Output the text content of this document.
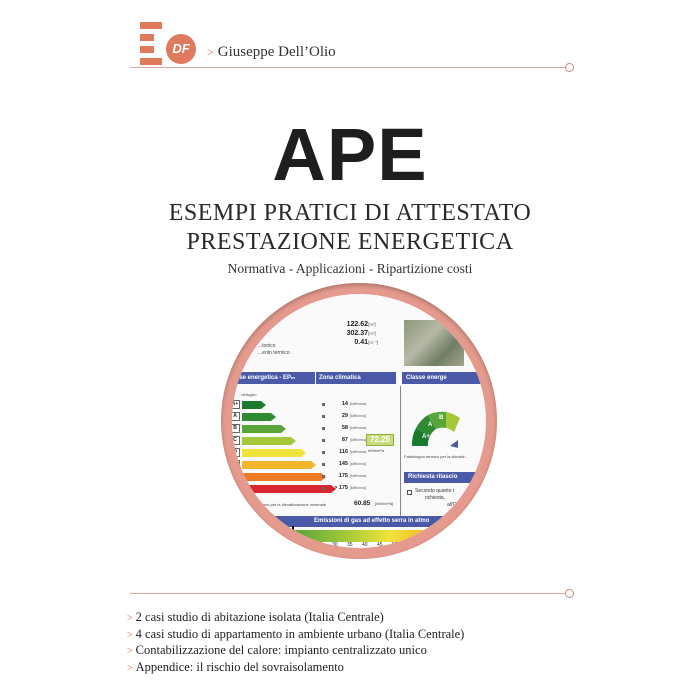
DF	> Giuseppe Dell’Olio
APE
ESEMPI PRATICI DI ATTESTATO
PRESTAZIONE ENERGETICA
Normativa - Applicazioni - Ripartizione costi
122.62
302.37
0.41
[m²]
[m³]
[m⁻¹]
...tonico
...ento termico
sse energetica - EPₘ	Zona climatica	Classe energe
...dettaglio
A+	14 [kWh/m²a]
A	29 [kWh/m²a]
B	58 [kWh/m²a]
C	87 [kWh/m²a]
D	116 [kWh/m²a]
E	145 [kWh/m²a]
F	175 [kWh/m²a]
G	> 175 [kWh/m²a]
72.25
kWh/m²a
A+
A
B
Fabbisogno termico per la climatiz...
Richiesta rilascio
Secondo quanto r
richiesta,
all'Om
...del fabbisogno per la climatizzazione invernale	60.85 [kWh/m²a]
Emissioni di gas ad effetto serra in atmo
20 25 30 35 40 45 50
> 2 casi studio di abitazione isolata (Italia Centrale)
> 4 casi studio di appartamento in ambiente urbano (Italia Centrale)
> Contabilizzazione del calore: impianto centralizzato unico
> Appendice: il rischio del sovraisolamento
